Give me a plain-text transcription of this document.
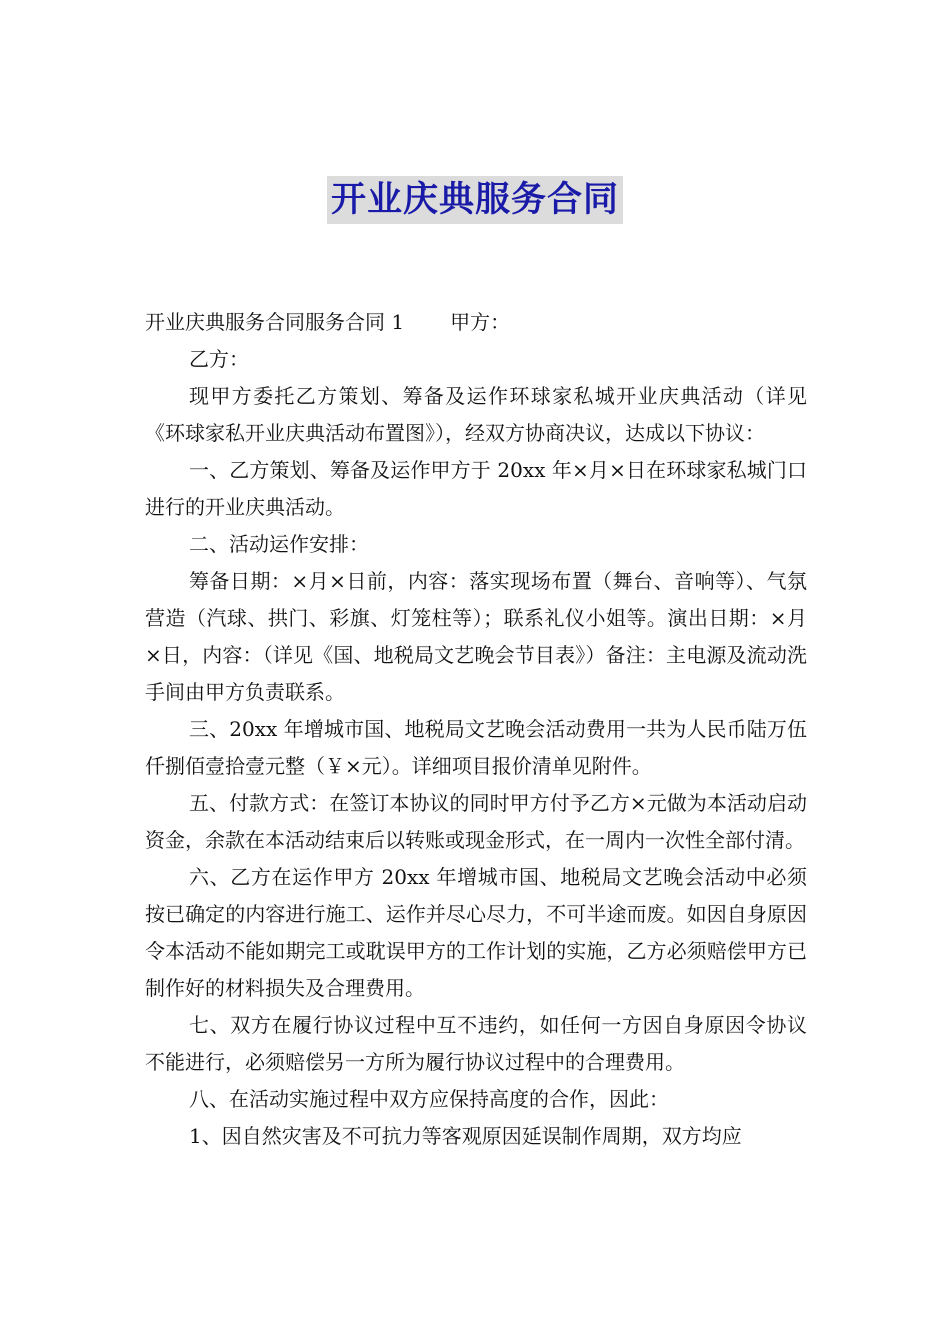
开业庆典服务合同

开业庆典服务合同服务合同 1 甲方：

乙方：

现甲方委托乙方策划、筹备及运作环球家私城开业庆典活动（详见《环球家私开业庆典活动布置图》），经双方协商决议，达成以下协议：

一、乙方策划、筹备及运作甲方于 20xx 年×月×日在环球家私城门口进行的开业庆典活动。

二、活动运作安排：

筹备日期：×月×日前，内容：落实现场布置（舞台、音响等）、气氛营造（汽球、拱门、彩旗、灯笼柱等）；联系礼仪小姐等。演出日期：×月×日，内容：（详见《国、地税局文艺晚会节目表》）备注：主电源及流动洗手间由甲方负责联系。

三、20xx 年增城市国、地税局文艺晚会活动费用一共为人民币陆万伍仟捌佰壹拾壹元整（￥×元）。详细项目报价清单见附件。

五、付款方式：在签订本协议的同时甲方付予乙方×元做为本活动启动资金，余款在本活动结束后以转账或现金形式，在一周内一次性全部付清。

六、乙方在运作甲方 20xx 年增城市国、地税局文艺晚会活动中必须按已确定的内容进行施工、运作并尽心尽力，不可半途而废。如因自身原因令本活动不能如期完工或耽误甲方的工作计划的实施，乙方必须赔偿甲方已制作好的材料损失及合理费用。

七、双方在履行协议过程中互不违约，如任何一方因自身原因令协议不能进行，必须赔偿另一方所为履行协议过程中的合理费用。

八、在活动实施过程中双方应保持高度的合作，因此：

1、因自然灾害及不可抗力等客观原因延误制作周期，双方均应
